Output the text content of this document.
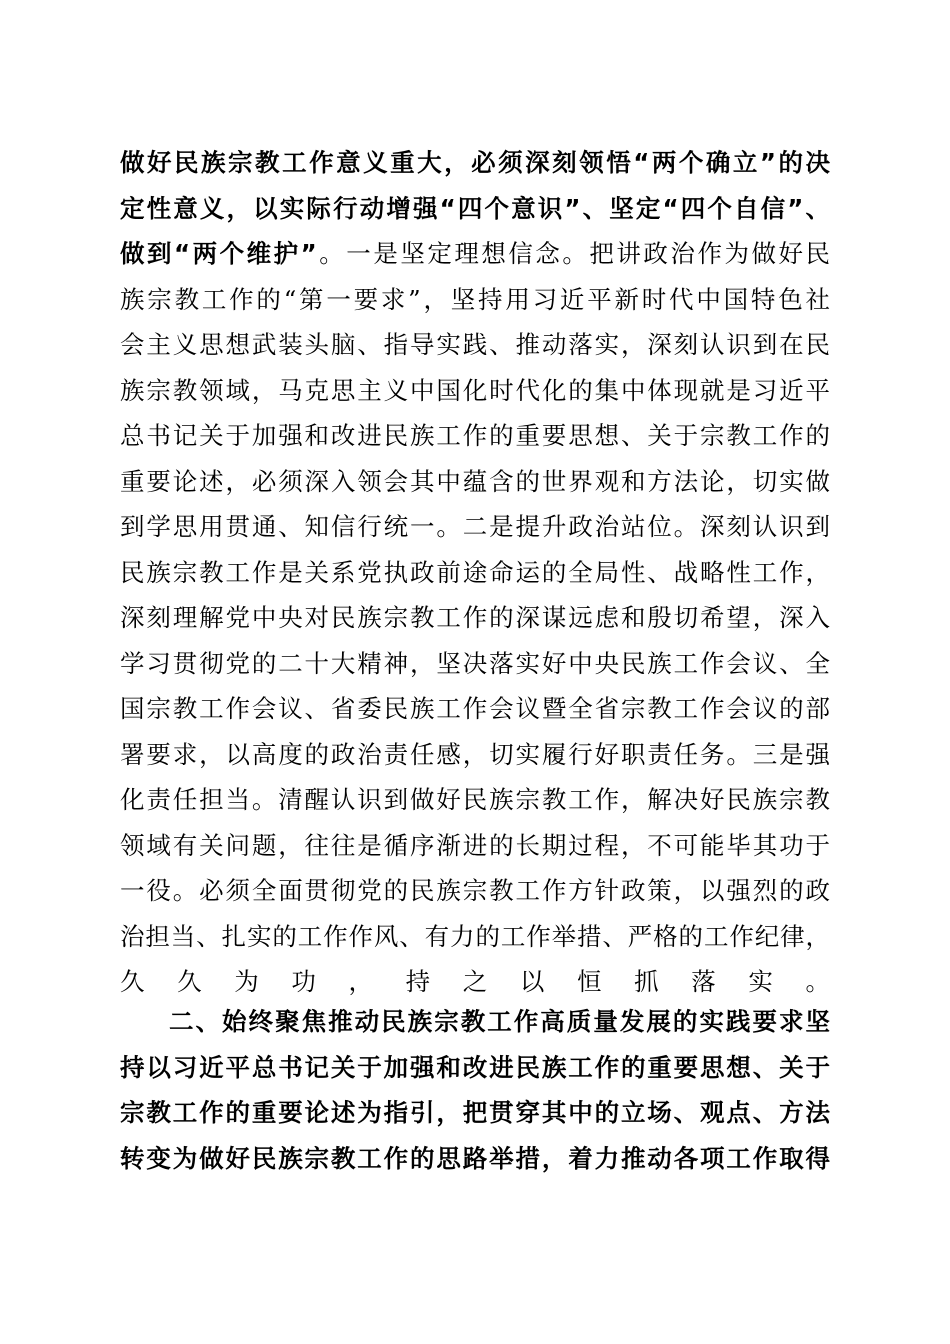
做好民族宗教工作意义重大，必须深刻领悟“两个确立”的决
定性意义，以实际行动增强“四个意识”、坚定“四个自信”、
做到“两个维护”。一是坚定理想信念。把讲政治作为做好民
族宗教工作的“第一要求”，坚持用习近平新时代中国特色社
会主义思想武装头脑、指导实践、推动落实，深刻认识到在民
族宗教领域，马克思主义中国化时代化的集中体现就是习近平
总书记关于加强和改进民族工作的重要思想、关于宗教工作的
重要论述，必须深入领会其中蕴含的世界观和方法论，切实做
到学思用贯通、知信行统一。二是提升政治站位。深刻认识到
民族宗教工作是关系党执政前途命运的全局性、战略性工作，
深刻理解党中央对民族宗教工作的深谋远虑和殷切希望，深入
学习贯彻党的二十大精神，坚决落实好中央民族工作会议、全
国宗教工作会议、省委民族工作会议暨全省宗教工作会议的部
署要求，以高度的政治责任感，切实履行好职责任务。三是强
化责任担当。清醒认识到做好民族宗教工作，解决好民族宗教
领域有关问题，往往是循序渐进的长期过程，不可能毕其功于
一役。必须全面贯彻党的民族宗教工作方针政策，以强烈的政
治担当、扎实的工作作风、有力的工作举措、严格的工作纪律，
久久为功，持之以恒抓落实。
二、始终聚焦推动民族宗教工作高质量发展的实践要求坚
持以习近平总书记关于加强和改进民族工作的重要思想、关于
宗教工作的重要论述为指引，把贯穿其中的立场、观点、方法
转变为做好民族宗教工作的思路举措，着力推动各项工作取得
